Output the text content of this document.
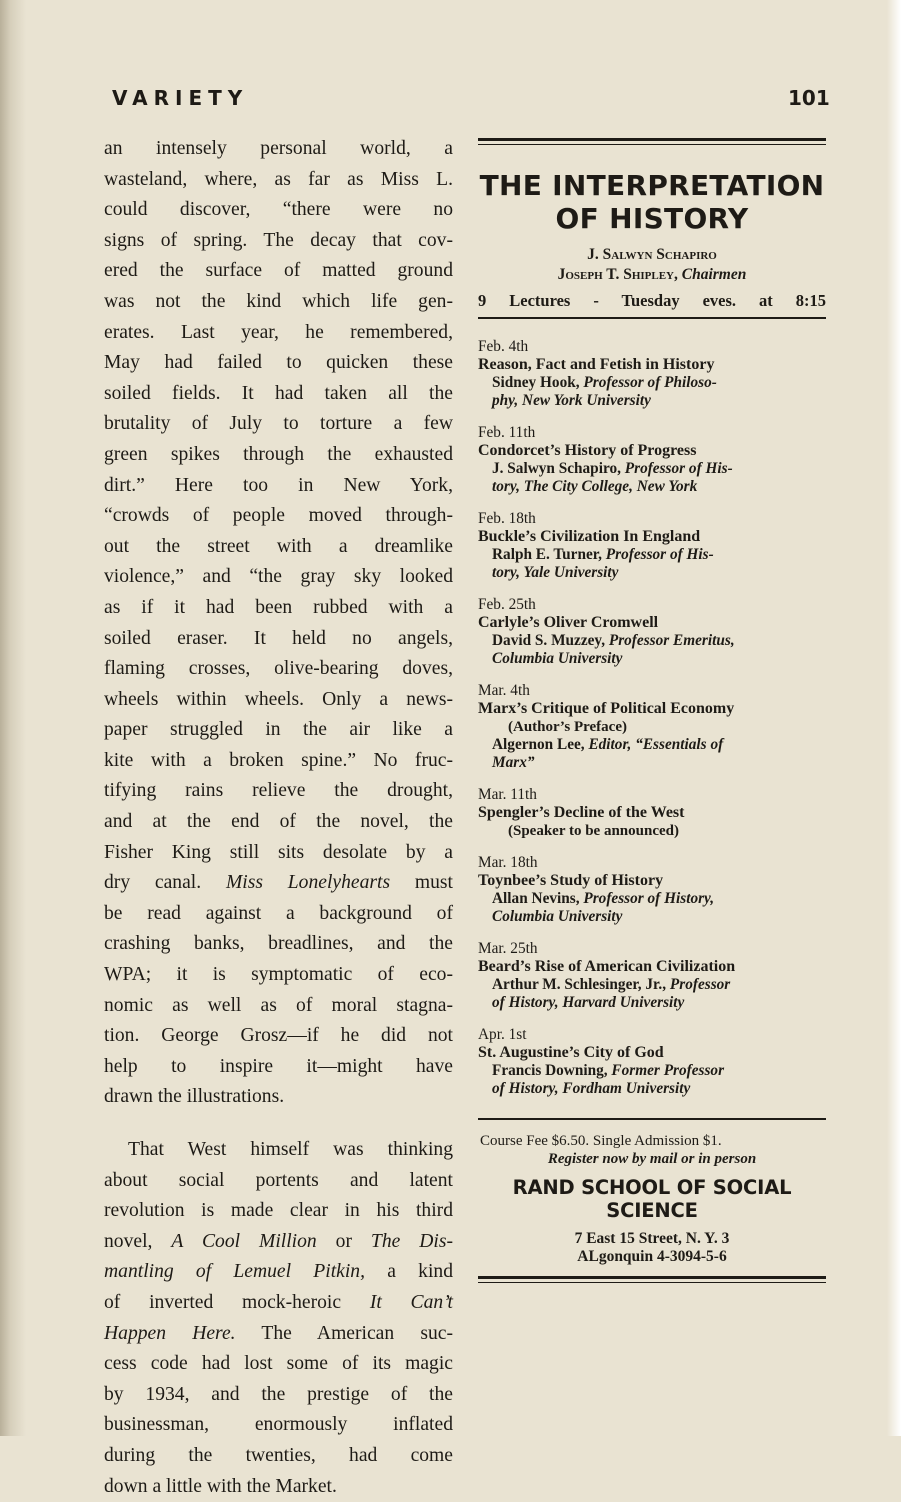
VARIETY	101
an intensely personal world, a
wasteland, where, as far as Miss L.
could discover, “there were no
signs of spring. The decay that cov-
ered the surface of matted ground
was not the kind which life gen-
erates. Last year, he remembered,
May had failed to quicken these
soiled fields. It had taken all the
brutality of July to torture a few
green spikes through the exhausted
dirt.” Here too in New York,
“crowds of people moved through-
out the street with a dreamlike
violence,” and “the gray sky looked
as if it had been rubbed with a
soiled eraser. It held no angels,
flaming crosses, olive-bearing doves,
wheels within wheels. Only a news-
paper struggled in the air like a
kite with a broken spine.” No fruc-
tifying rains relieve the drought,
and at the end of the novel, the
Fisher King still sits desolate by a
dry canal. Miss Lonelyhearts must
be read against a background of
crashing banks, breadlines, and the
WPA; it is symptomatic of eco-
nomic as well as of moral stagna-
tion. George Grosz—if he did not
help to inspire it—might have
drawn the illustrations.
That West himself was thinking
about social portents and latent
revolution is made clear in his third
novel, A Cool Million or The Dis-
mantling of Lemuel Pitkin, a kind
of inverted mock-heroic It Can’t
Happen Here. The American suc-
cess code had lost some of its magic
by 1934, and the prestige of the
businessman, enormously inflated
during the twenties, had come
down a little with the Market.
THE INTERPRETATION
OF HISTORY
J. Salwyn Schapiro
Joseph T. Shipley, Chairmen
9 Lectures - Tuesday eves. at 8:15
Feb. 4th
Reason, Fact and Fetish in History
Sidney Hook, Professor of Philoso-
phy, New York University
Feb. 11th
Condorcet’s History of Progress
J. Salwyn Schapiro, Professor of His-
tory, The City College, New York
Feb. 18th
Buckle’s Civilization In England
Ralph E. Turner, Professor of His-
tory, Yale University
Feb. 25th
Carlyle’s Oliver Cromwell
David S. Muzzey, Professor Emeritus,
Columbia University
Mar. 4th
Marx’s Critique of Political Economy
(Author’s Preface)
Algernon Lee, Editor, “Essentials of
Marx”
Mar. 11th
Spengler’s Decline of the West
(Speaker to be announced)
Mar. 18th
Toynbee’s Study of History
Allan Nevins, Professor of History,
Columbia University
Mar. 25th
Beard’s Rise of American Civilization
Arthur M. Schlesinger, Jr., Professor
of History, Harvard University
Apr. 1st
St. Augustine’s City of God
Francis Downing, Former Professor
of History, Fordham University
Course Fee $6.50. Single Admission $1.
Register now by mail or in person
RAND SCHOOL OF SOCIAL SCIENCE
7 East 15 Street, N. Y. 3
ALgonquin 4-3094-5-6
